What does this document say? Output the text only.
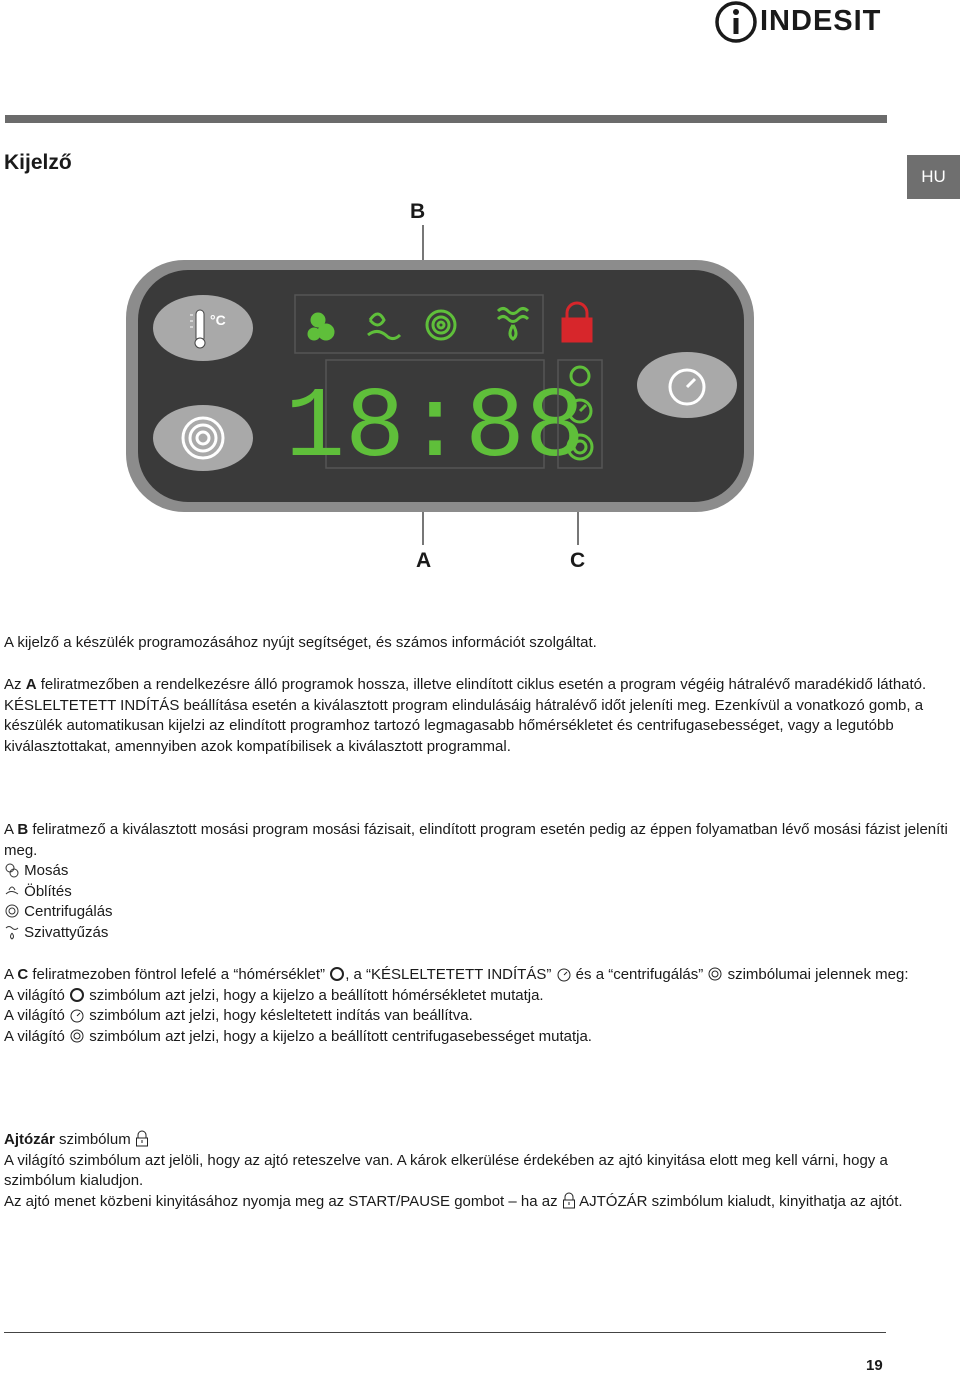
INDESIT
Kijelző
HU
°C
18:88
B
A	C

A kijelző a készülék programozásához nyújt segítséget, és számos információt szolgáltat.

Az A feliratmezőben a rendelkezésre álló programok hossza, illetve elindított ciklus esetén a program végéig hátralévő maradékidő látható. KÉSLELTETETT INDÍTÁS beállítása esetén a kiválasztott program elindulásáig hátralévő időt jeleníti meg. Ezenkívül a vonatkozó gomb, a készülék automatikusan kijelzi az elindított programhoz tartozó legmagasabb hőmérsékletet és centrifugasebességet, vagy a legutóbb kiválasztottakat, amennyiben azok kompatíbilisek a kiválasztott programmal.

A B feliratmező a kiválasztott mosási program mosási fázisait, elindított program esetén pedig az éppen folyamatban lévő mosási fázist jeleníti meg.

Mosás

Öblítés

Centrifugálás

Szivattyűzás

A C feliratmezoben föntrol lefelé a “hómérséklet” , a “KÉSLELTETETT INDÍTÁS”  és a “centrifugálás”  szimbólumai jelennek meg:

A világító  szimbólum azt jelzi, hogy a kijelzo a beállított hómérsékletet mutatja.

A világító  szimbólum azt jelzi, hogy késleltetett indítás van beállítva.

A világító  szimbólum azt jelzi, hogy a kijelzo a beállított centrifugasebességet mutatja.

Ajtózár szimbólum

A világító szimbólum azt jelöli, hogy az ajtó reteszelve van. A károk elkerülése érdekében az ajtó kinyitása elott meg kell várni, hogy a szimbólum kialudjon.

Az ajtó menet közbeni kinyitásához nyomja meg az START/PAUSE gombot – ha az  AJTÓZÁR szimbólum kialudt, kinyithatja az ajtót.

19
